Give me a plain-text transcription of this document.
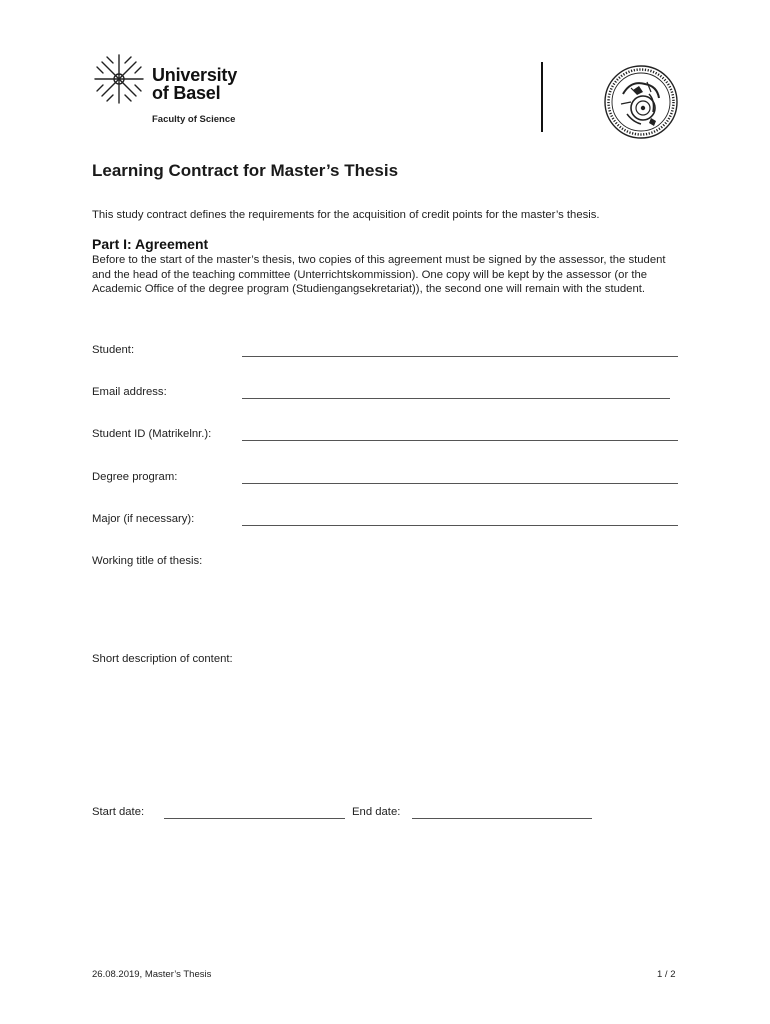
University
of Basel
Faculty of Science
Learning Contract for Master’s Thesis
This study contract defines the requirements for the acquisition of credit points for the master’s thesis.
Part I: Agreement
Before to the start of the master’s thesis, two copies of this agreement must be signed by the assessor, the student and the head of the teaching committee (Unterrichtskommission). One copy will be kept by the assessor (or the Academic Office of the degree program (Studiengangsekretariat)), the second one will remain with the student.
Student:
Email address:
Student ID (Matrikelnr.):
Degree program:
Major (if necessary):
Working title of thesis:
Short description of content:
Start date:	End date:
26.08.2019, Master’s Thesis	1 / 2
